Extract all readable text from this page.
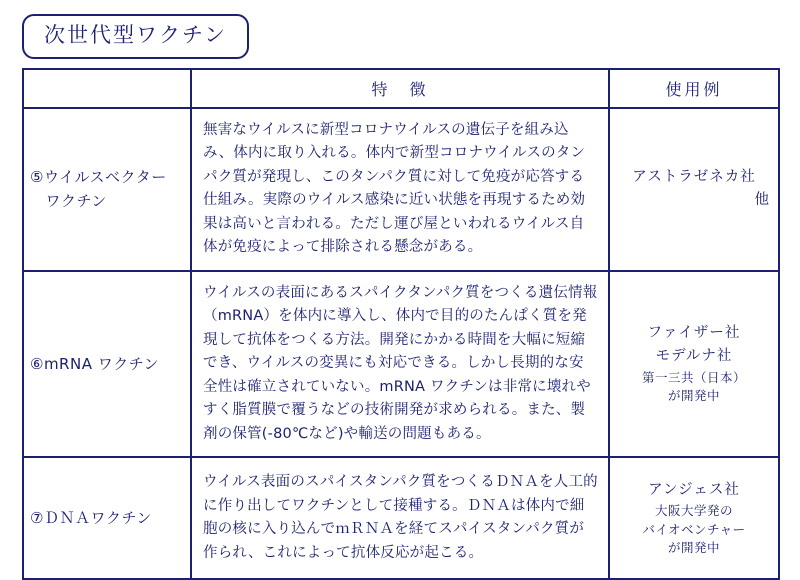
次世代型ワクチン
	特　徴	使用例
⑤ウイルスベクター
　ワクチン	無害なウイルスに新型コロナウイルスの遺伝子を組み込み、体内に取り入れる。体内で新型コロナウイルスのタンパク質が発現し、このタンパク質に対して免疫が応答する仕組み。実際のウイルス感染に近い状態を再現するため効果は高いと言われる。ただし運び屋といわれるウイルス自体が免疫によって排除される懸念がある。	アストラゼネカ社
他

⑥mRNA ワクチン	ウイルスの表面にあるスパイクタンパク質をつくる遺伝情報（mRNA）を体内に導入し、体内で目的のたんぱく質を発現して抗体をつくる方法。開発にかかる時間を大幅に短縮でき、ウイルスの変異にも対応できる。しかし長期的な安全性は確立されていない。mRNA ワクチンは非常に壊れやすく脂質膜で覆うなどの技術開発が求められる。また、製剤の保管(-80℃など)や輸送の問題もある。	ファイザー社
モデルナ社
第一三共（日本）
が開発中

⑦ＤＮＡワクチン	ウイルス表面のスパイスタンパク質をつくるＤＮＡを人工的に作り出してワクチンとして接種する。ＤＮＡは体内で細胞の核に入り込んでｍＲＮＡを経てスパイスタンパク質が作られ、これによって抗体反応が起こる。	アンジェス社
大阪大学発の
バイオベンチャー
が開発中
